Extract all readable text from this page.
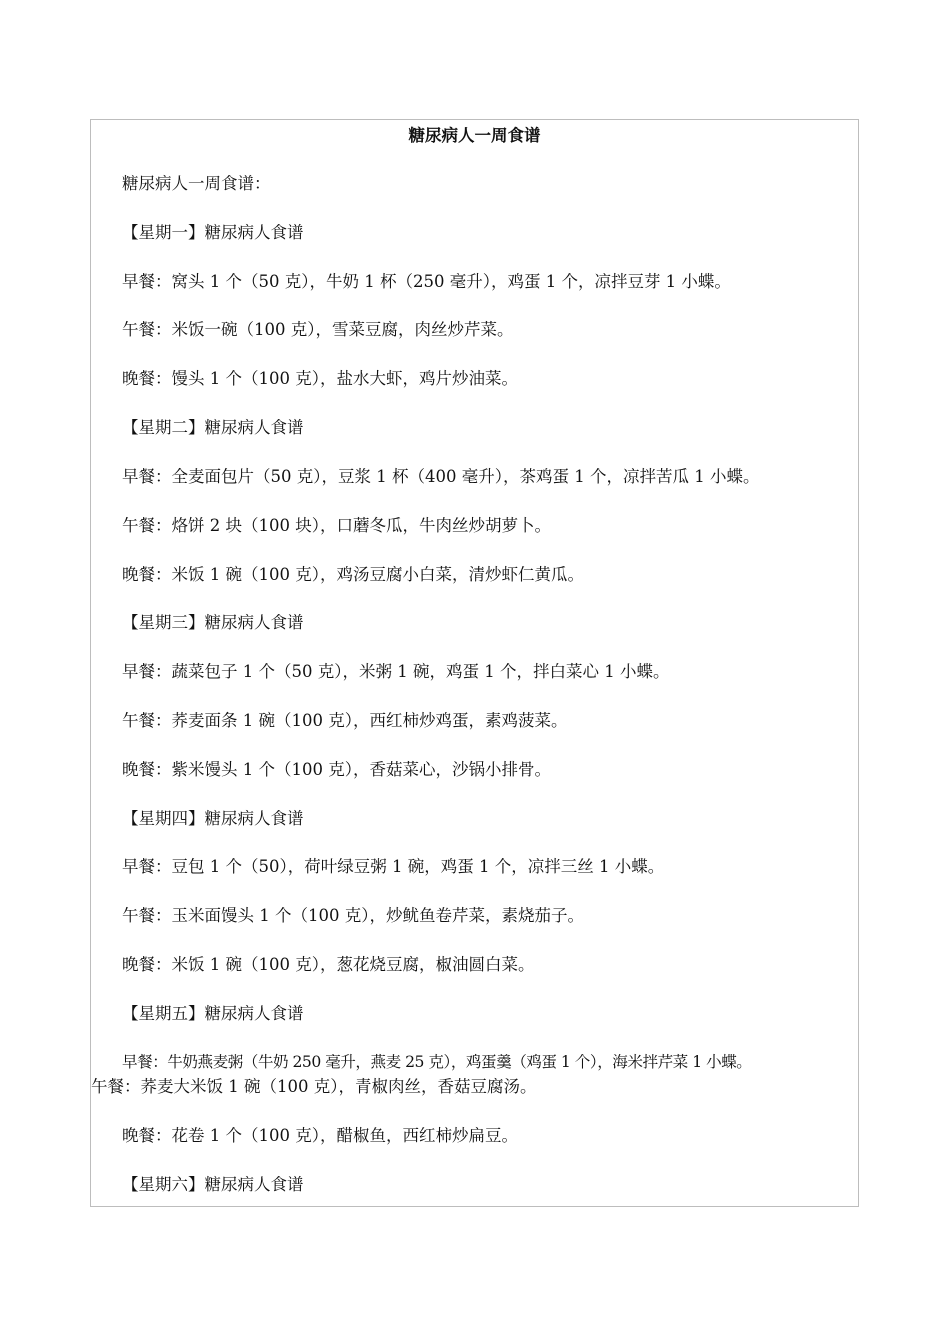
糖尿病人一周食谱
糖尿病人一周食谱：
【星期一】糖尿病人食谱
早餐：窝头 1 个（50 克），牛奶 1 杯（250 毫升），鸡蛋 1 个，凉拌豆芽 1 小蝶。
午餐：米饭一碗（100 克），雪菜豆腐，肉丝炒芹菜。
晚餐：馒头 1 个（100 克），盐水大虾，鸡片炒油菜。
【星期二】糖尿病人食谱
早餐：全麦面包片（50 克），豆浆 1 杯（400 毫升），茶鸡蛋 1 个，凉拌苦瓜 1 小蝶。
午餐：烙饼 2 块（100 块），口蘑冬瓜，牛肉丝炒胡萝卜。
晚餐：米饭 1 碗（100 克），鸡汤豆腐小白菜，清炒虾仁黄瓜。
【星期三】糖尿病人食谱
早餐：蔬菜包子 1 个（50 克），米粥 1 碗，鸡蛋 1 个，拌白菜心 1 小蝶。
午餐：荞麦面条 1 碗（100 克），西红柿炒鸡蛋，素鸡菠菜。
晚餐：紫米馒头 1 个（100 克），香菇菜心，沙锅小排骨。
【星期四】糖尿病人食谱
早餐：豆包 1 个（50），荷叶绿豆粥 1 碗，鸡蛋 1 个，凉拌三丝 1 小蝶。
午餐：玉米面馒头 1 个（100 克），炒鱿鱼卷芹菜，素烧茄子。
晚餐：米饭 1 碗（100 克），葱花烧豆腐，椒油圆白菜。
【星期五】糖尿病人食谱
早餐：牛奶燕麦粥（牛奶 250 毫升，燕麦 25 克），鸡蛋羹（鸡蛋 1 个），海米拌芹菜 1 小蝶。
午餐：荞麦大米饭 1 碗（100 克），青椒肉丝，香菇豆腐汤。
晚餐：花卷 1 个（100 克），醋椒鱼，西红柿炒扁豆。
【星期六】糖尿病人食谱
